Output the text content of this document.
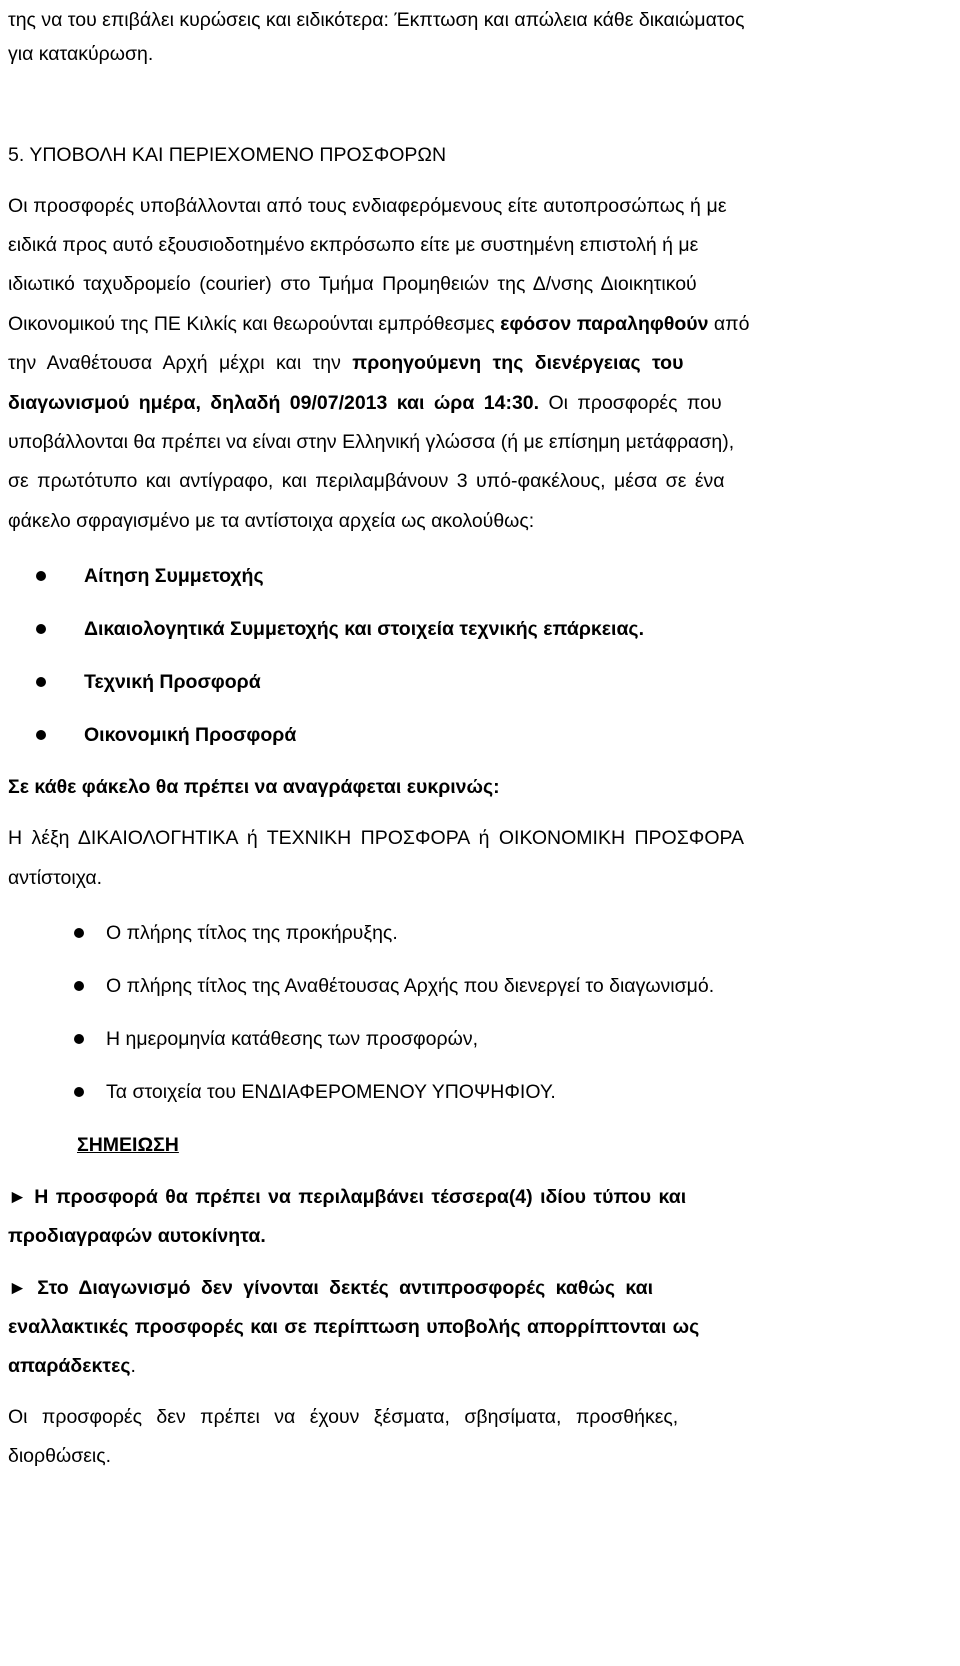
της να του επιβάλει κυρώσεις και ειδικότερα: Έκπτωση και απώλεια κάθε δικαιώματος
για κατακύρωση.
5. ΥΠΟΒΟΛΗ ΚΑΙ ΠΕΡΙΕΧΟΜΕΝΟ ΠΡΟΣΦΟΡΩΝ
Οι προσφορές υποβάλλονται από τους ενδιαφερόμενους είτε αυτοπροσώπως ή με
ειδικά προς αυτό εξουσιοδοτημένο εκπρόσωπο είτε με συστημένη επιστολή ή με
ιδιωτικό ταχυδρομείο (courier) στο Τμήμα Προμηθειών της Δ/νσης Διοικητικού
Οικονομικού της ΠΕ Κιλκίς και θεωρούνται εμπρόθεσμες εφόσον παραληφθούν από
την Αναθέτουσα Αρχή μέχρι και την προηγούμενη της διενέργειας του
διαγωνισμού ημέρα, δηλαδή 09/07/2013 και ώρα 14:30. Οι προσφορές που
υποβάλλονται θα πρέπει να είναι στην Ελληνική γλώσσα (ή με επίσημη μετάφραση),
σε πρωτότυπο και αντίγραφο, και περιλαμβάνουν 3 υπό-φακέλους, μέσα σε ένα
φάκελο σφραγισμένο με τα αντίστοιχα αρχεία ως ακολούθως:
Αίτηση Συμμετοχής
Δικαιολογητικά Συμμετοχής και στοιχεία τεχνικής επάρκειας.
Τεχνική Προσφορά
Οικονομική Προσφορά
Σε κάθε φάκελο θα πρέπει να αναγράφεται ευκρινώς:
Η λέξη ΔΙΚΑΙΟΛΟΓΗΤΙΚΑ ή ΤΕΧΝΙΚΗ ΠΡΟΣΦΟΡΑ ή ΟΙΚΟΝΟΜΙΚΗ ΠΡΟΣΦΟΡΑ
αντίστοιχα.
Ο πλήρης τίτλος της προκήρυξης.
Ο πλήρης τίτλος της Αναθέτουσας Αρχής που διενεργεί το διαγωνισμό.
Η ημερομηνία κατάθεσης των προσφορών,
Τα στοιχεία του ΕΝΔΙΑΦΕΡΟΜΕΝΟΥ ΥΠΟΨΗΦΙΟΥ.
ΣΗΜΕΙΩΣΗ
► Η προσφορά θα πρέπει να περιλαμβάνει τέσσερα(4) ιδίου τύπου και
προδιαγραφών αυτοκίνητα.
► Στο Διαγωνισμό δεν γίνονται δεκτές αντιπροσφορές καθώς και
εναλλακτικές προσφορές και σε περίπτωση υποβολής απορρίπτονται ως
απαράδεκτες.
Οι προσφορές δεν πρέπει να έχουν ξέσματα, σβησίματα, προσθήκες,
διορθώσεις.
